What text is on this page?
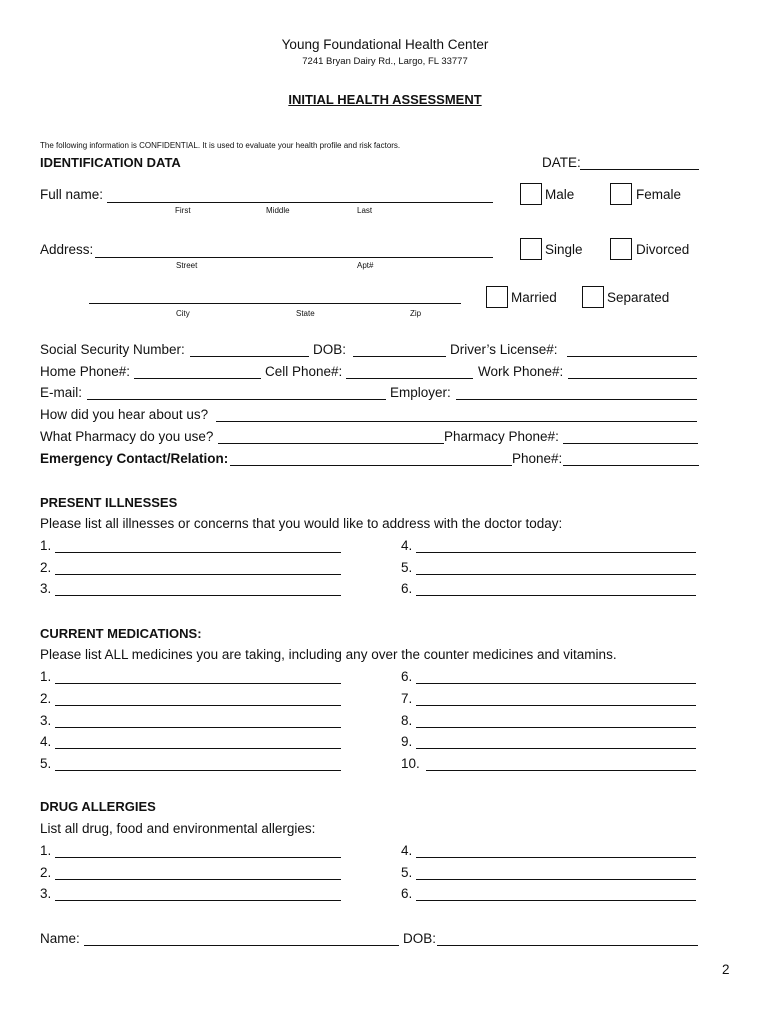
Young Foundational Health Center
7241 Bryan Dairy Rd., Largo, FL 33777
INITIAL HEALTH ASSESSMENT
The following information is CONFIDENTIAL. It is used to evaluate your health profile and risk factors.
IDENTIFICATION DATA	DATE:
Full name:
First	Middle	Last
Male	Female
Address:
Street	Apt#
Single	Divorced
City	State	Zip
Married	Separated
Social Security Number:	DOB:	Driver’s License#:
Home Phone#:	Cell Phone#:	Work Phone#:
E-mail:	Employer:
How did you hear about us?
What Pharmacy do you use?	Pharmacy Phone#:
Emergency Contact/Relation:	Phone#:
PRESENT ILLNESSES
Please list all illnesses or concerns that you would like to address with the doctor today:
1.
2.
3.
4.
5.
6.
CURRENT MEDICATIONS:
Please list ALL medicines you are taking, including any over the counter medicines and vitamins.
1.
2.
3.
4.
5.
6.
7.
8.
9.
10.
DRUG ALLERGIES
List all drug, food and environmental allergies:
1.
2.
3.
4.
5.
6.
Name:	DOB:
2
